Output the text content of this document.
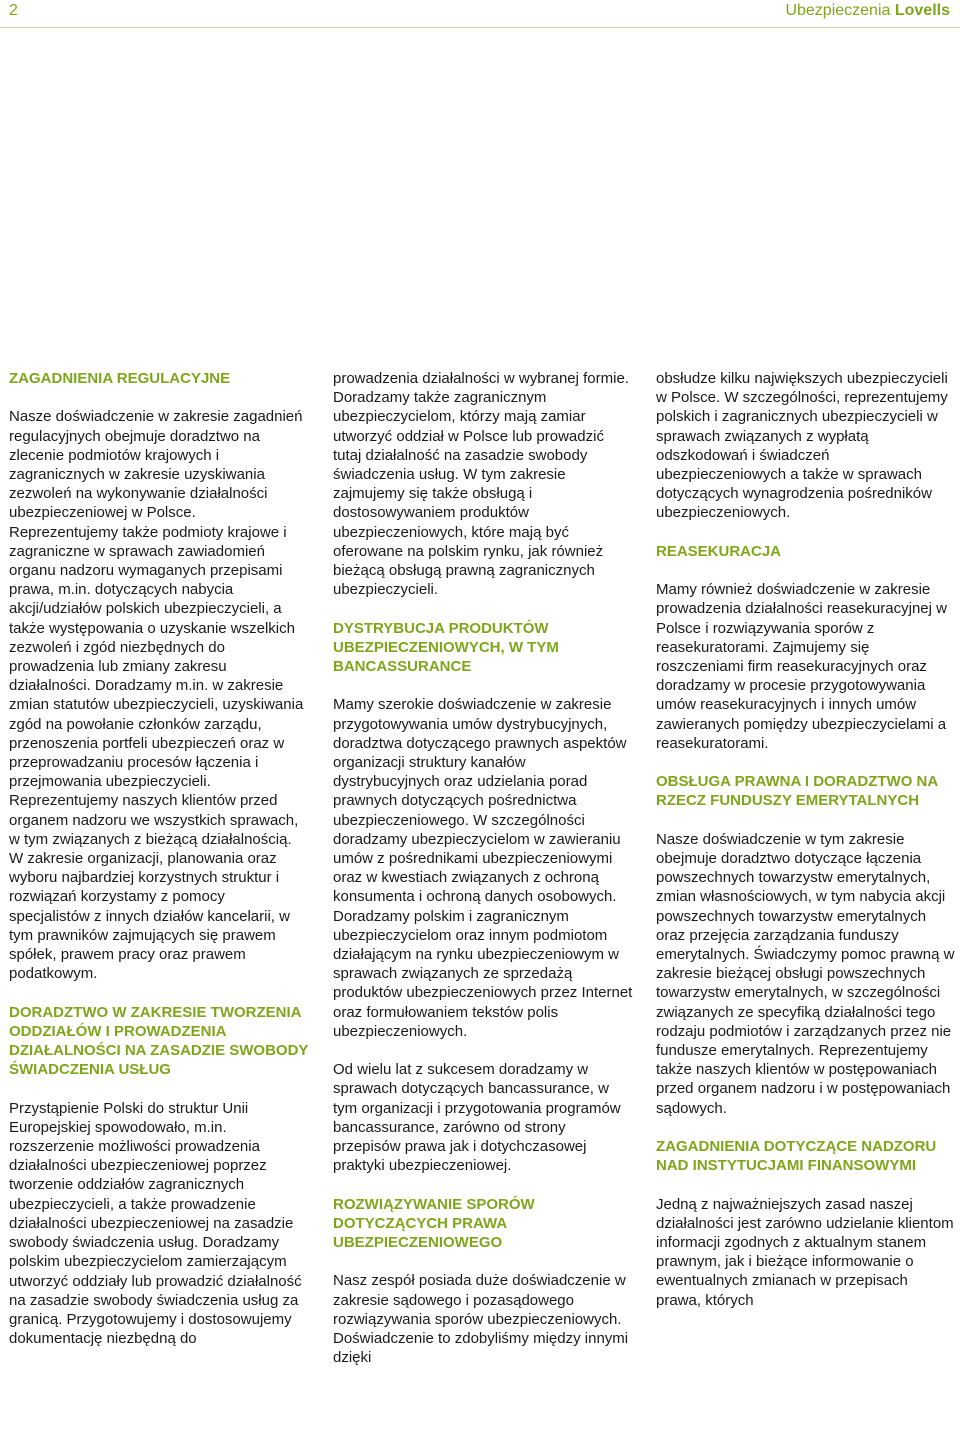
2	Ubezpieczenia Lovells

ZAGADNIENIA REGULACYJNE

Nasze doświadczenie w zakresie zagadnień regulacyjnych obejmuje doradztwo na zlecenie podmiotów krajowych i zagranicznych w zakresie uzyskiwania zezwoleń na wykonywanie działalności ubezpieczeniowej w Polsce. Reprezentujemy także podmioty krajowe i zagraniczne w sprawach zawiadomień organu nadzoru wymaganych przepisami prawa, m.in. dotyczących nabycia akcji/udziałów polskich ubezpieczycieli, a także występowania o uzyskanie wszelkich zezwoleń i zgód niezbędnych do prowadzenia lub zmiany zakresu działalności. Doradzamy m.in. w zakresie zmian statutów ubezpieczycieli, uzyskiwania zgód na powołanie członków zarządu, przenoszenia portfeli ubezpieczeń oraz w przeprowadzaniu procesów łączenia i przejmowania ubezpieczycieli. Reprezentujemy naszych klientów przed organem nadzoru we wszystkich sprawach, w tym związanych z bieżącą działalnością. W zakresie organizacji, planowania oraz wyboru najbardziej korzystnych struktur i rozwiązań korzystamy z pomocy specjalistów z innych działów kancelarii, w tym prawników zajmujących się prawem spółek, prawem pracy oraz prawem podatkowym.

DORADZTWO W ZAKRESIE TWORZENIA ODDZIAŁÓW I PROWADZENIA DZIAŁALNOŚCI NA ZASADZIE SWOBODY ŚWIADCZENIA USŁUG

Przystąpienie Polski do struktur Unii Europejskiej spowodowało, m.in. rozszerzenie możliwości prowadzenia działalności ubezpieczeniowej poprzez tworzenie oddziałów zagranicznych ubezpieczycieli, a także prowadzenie działalności ubezpieczeniowej na zasadzie swobody świadczenia usług. Doradzamy polskim ubezpieczycielom zamierzającym utworzyć oddziały lub prowadzić działalność na zasadzie swobody świadczenia usług za granicą. Przygotowujemy i dostosowujemy dokumentację niezbędną do

prowadzenia działalności w wybranej formie. Doradzamy także zagranicznym ubezpieczycielom, którzy mają zamiar utworzyć oddział w Polsce lub prowadzić tutaj działalność na zasadzie swobody świadczenia usług. W tym zakresie zajmujemy się także obsługą i dostosowywaniem produktów ubezpieczeniowych, które mają być oferowane na polskim rynku, jak również bieżącą obsługą prawną zagranicznych ubezpieczycieli.

DYSTRYBUCJA PRODUKTÓW UBEZPIECZENIOWYCH, W TYM BANCASSURANCE

Mamy szerokie doświadczenie w zakresie przygotowywania umów dystrybucyjnych, doradztwa dotyczącego prawnych aspektów organizacji struktury kanałów dystrybucyjnych oraz udzielania porad prawnych dotyczących pośrednictwa ubezpieczeniowego. W szczególności doradzamy ubezpieczycielom w zawieraniu umów z pośrednikami ubezpieczeniowymi oraz w kwestiach związanych z ochroną konsumenta i ochroną danych osobowych. Doradzamy polskim i zagranicznym ubezpieczycielom oraz innym podmiotom działającym na rynku ubezpieczeniowym w sprawach związanych ze sprzedażą produktów ubezpieczeniowych przez Internet oraz formułowaniem tekstów polis ubezpieczeniowych.

Od wielu lat z sukcesem doradzamy w sprawach dotyczących bancassurance, w tym organizacji i przygotowania programów bancassurance, zarówno od strony przepisów prawa jak i dotychczasowej praktyki ubezpieczeniowej.

ROZWIĄZYWANIE SPORÓW DOTYCZĄCYCH PRAWA UBEZPIECZENIOWEGO

Nasz zespół posiada duże doświadczenie w zakresie sądowego i pozasądowego rozwiązywania sporów ubezpieczeniowych. Doświadczenie to zdobyliśmy między innymi dzięki

obsłudze kilku największych ubezpieczycieli w Polsce. W szczególności, reprezentujemy polskich i zagranicznych ubezpieczycieli w sprawach związanych z wypłatą odszkodowań i świadczeń ubezpieczeniowych a także w sprawach dotyczących wynagrodzenia pośredników ubezpieczeniowych.

REASEKURACJA

Mamy również doświadczenie w zakresie prowadzenia działalności reasekuracyjnej w Polsce i rozwiązywania sporów z reasekuratorami. Zajmujemy się roszczeniami firm reasekuracyjnych oraz doradzamy w procesie przygotowywania umów reasekuracyjnych i innych umów zawieranych pomiędzy ubezpieczycielami a reasekuratorami.

OBSŁUGA PRAWNA I DORADZTWO NA RZECZ FUNDUSZY EMERYTALNYCH

Nasze doświadczenie w tym zakresie obejmuje doradztwo dotyczące łączenia powszechnych towarzystw emerytalnych, zmian własnościowych, w tym nabycia akcji powszechnych towarzystw emerytalnych oraz przejęcia zarządzania funduszy emerytalnych. Świadczymy pomoc prawną w zakresie bieżącej obsługi powszechnych towarzystw emerytalnych, w szczególności związanych ze specyfiką działalności tego rodzaju podmiotów i zarządzanych przez nie fundusze emerytalnych. Reprezentujemy także naszych klientów w postępowaniach przed organem nadzoru i w postępowaniach sądowych.

ZAGADNIENIA DOTYCZĄCE NADZORU NAD INSTYTUCJAMI FINANSOWYMI

Jedną z najważniejszych zasad naszej działalności jest zarówno udzielanie klientom informacji zgodnych z aktualnym stanem prawnym, jak i bieżące informowanie o ewentualnych zmianach w przepisach prawa, których
